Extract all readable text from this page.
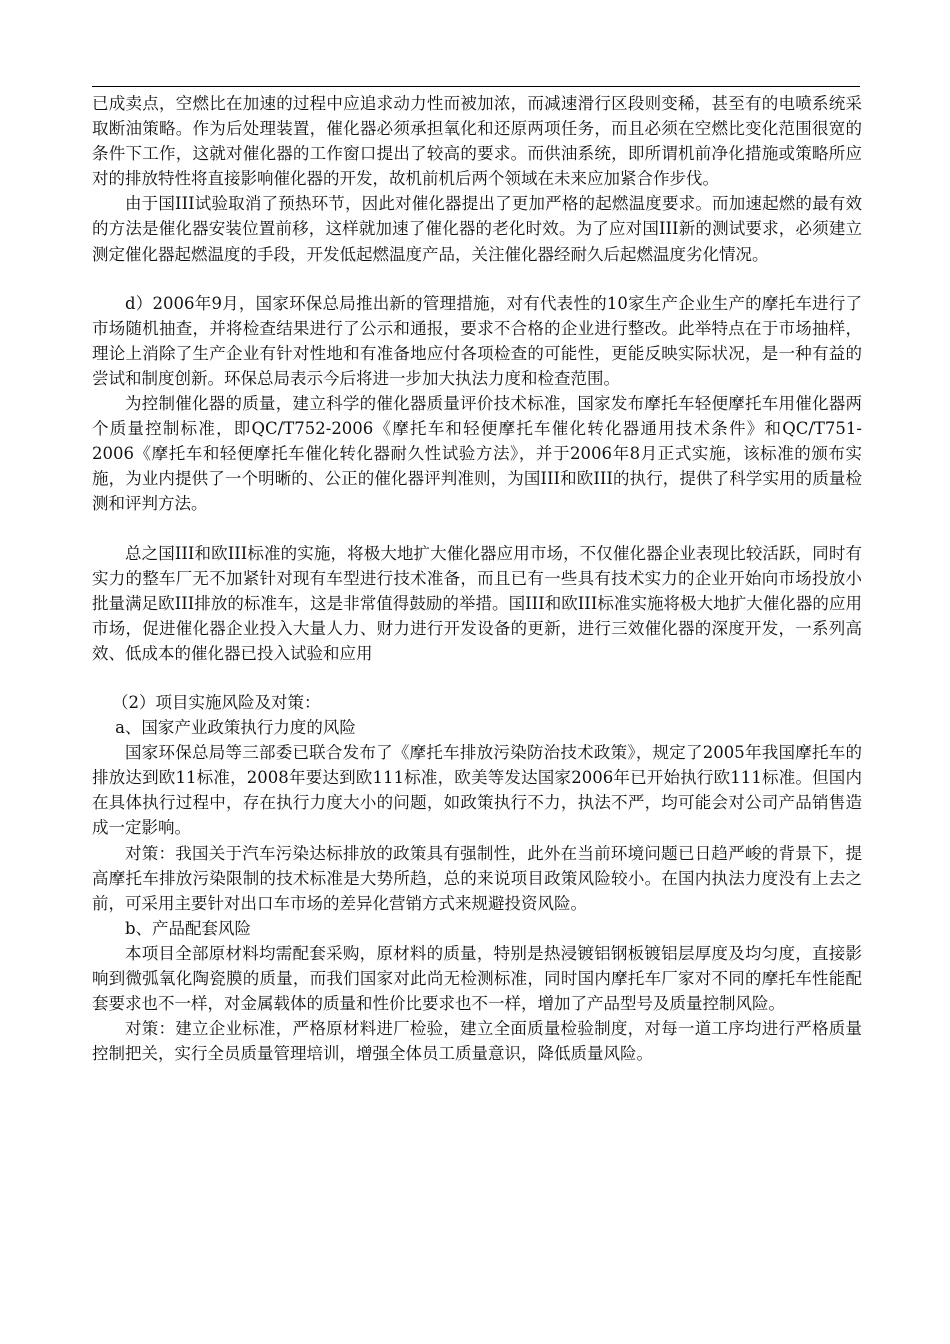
已成卖点，空燃比在加速的过程中应追求动力性而被加浓，而减速滑行区段则变稀，甚至有的电喷系统采取断油策略。作为后处理装置，催化器必须承担氧化和还原两项任务，而且必须在空燃比变化范围很宽的条件下工作，这就对催化器的工作窗口提出了较高的要求。而供油系统，即所谓机前净化措施或策略所应对的排放特性将直接影响催化器的开发，故机前机后两个领域在未来应加紧合作步伐。

由于国III试验取消了预热环节，因此对催化器提出了更加严格的起燃温度要求。而加速起燃的最有效的方法是催化器安装位置前移，这样就加速了催化器的老化时效。为了应对国III新的测试要求，必须建立测定催化器起燃温度的手段，开发低起燃温度产品，关注催化器经耐久后起燃温度劣化情况。

d）2006年9月，国家环保总局推出新的管理措施，对有代表性的10家生产企业生产的摩托车进行了市场随机抽查，并将检查结果进行了公示和通报，要求不合格的企业进行整改。此举特点在于市场抽样，理论上消除了生产企业有针对性地和有准备地应付各项检查的可能性，更能反映实际状况，是一种有益的尝试和制度创新。环保总局表示今后将进一步加大执法力度和检查范围。

为控制催化器的质量，建立科学的催化器质量评价技术标准，国家发布摩托车轻便摩托车用催化器两个质量控制标准，即QC/T752-2006《摩托车和轻便摩托车催化转化器通用技术条件》和QC/T751-2006《摩托车和轻便摩托车催化转化器耐久性试验方法》，并于2006年8月正式实施，该标准的颁布实施，为业内提供了一个明晰的、公正的催化器评判准则，为国III和欧III的执行，提供了科学实用的质量检测和评判方法。

总之国III和欧III标准的实施，将极大地扩大催化器应用市场，不仅催化器企业表现比较活跃，同时有实力的整车厂无不加紧针对现有车型进行技术准备，而且已有一些具有技术实力的企业开始向市场投放小批量满足欧III排放的标准车，这是非常值得鼓励的举措。国III和欧III标准实施将极大地扩大催化器的应用市场，促进催化器企业投入大量人力、财力进行开发设备的更新，进行三效催化器的深度开发，一系列高效、低成本的催化器已投入试验和应用

（2）项目实施风险及对策：

a、国家产业政策执行力度的风险

国家环保总局等三部委已联合发布了《摩托车排放污染防治技术政策》，规定了2005年我国摩托车的排放达到欧11标准，2008年要达到欧111标准，欧美等发达国家2006年已开始执行欧111标准。但国内在具体执行过程中，存在执行力度大小的问题，如政策执行不力，执法不严，均可能会对公司产品销售造成一定影响。

对策：我国关于汽车污染达标排放的政策具有强制性，此外在当前环境问题已日趋严峻的背景下，提高摩托车排放污染限制的技术标准是大势所趋，总的来说项目政策风险较小。在国内执法力度没有上去之前，可采用主要针对出口车市场的差异化营销方式来规避投资风险。

b、产品配套风险

本项目全部原材料均需配套采购，原材料的质量，特别是热浸镀铝钢板镀铝层厚度及均匀度，直接影响到微弧氧化陶瓷膜的质量，而我们国家对此尚无检测标准，同时国内摩托车厂家对不同的摩托车性能配套要求也不一样，对金属载体的质量和性价比要求也不一样，增加了产品型号及质量控制风险。

对策：建立企业标准，严格原材料进厂检验，建立全面质量检验制度，对每一道工序均进行严格质量控制把关，实行全员质量管理培训，增强全体员工质量意识，降低质量风险。
